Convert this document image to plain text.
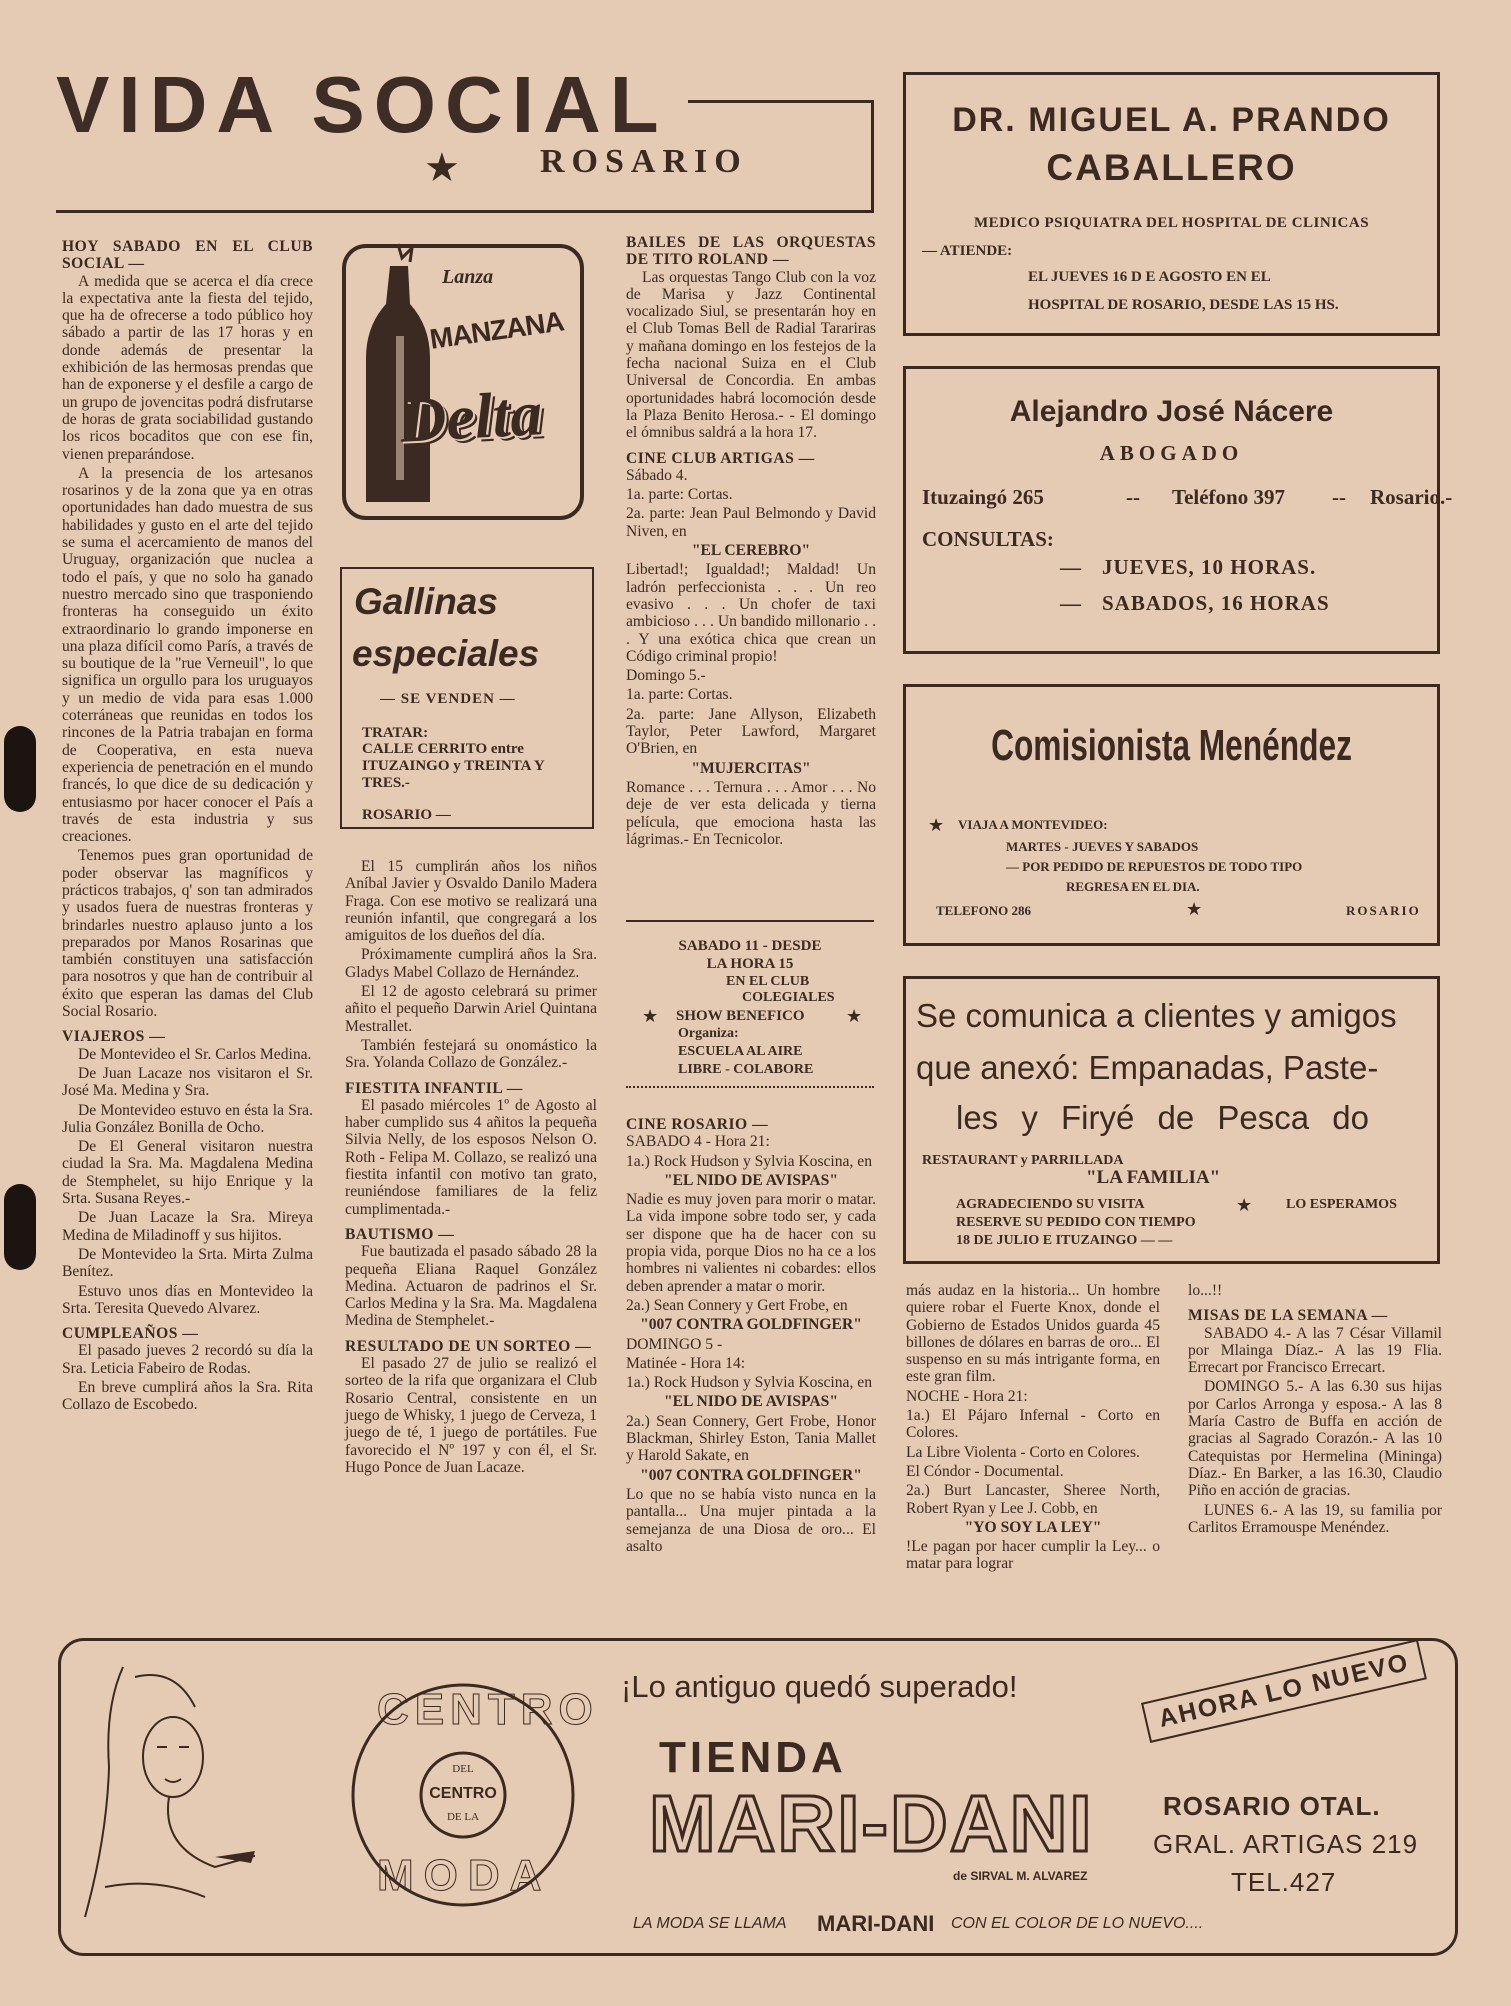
VIDA SOCIAL
★ ROSARIO
DR. MIGUEL A. PRANDO
CABALLERO
MEDICO PSIQUIATRA DEL HOSPITAL DE CLINICAS
— ATIENDE:
EL JUEVES 16 D E AGOSTO EN EL
HOSPITAL DE ROSARIO, DESDE LAS 15 HS.
Alejandro José Nácere
ABOGADO
Ituzaingó 265	-- Teléfono 397 -- Rosario.-
CONSULTAS:
— JUEVES, 10 HORAS.
— SABADOS, 16 HORAS
Comisionista Menéndez
★ VIAJA A MONTEVIDEO:
MARTES - JUEVES Y SABADOS
— POR PEDIDO DE REPUESTOS DE TODO TIPO
REGRESA EN EL DIA.
TELEFONO 286	★	ROSARIO
Se comunica a clientes y amigos
que anexó: Empanadas, Paste-
les y Firyé de Pesca do
RESTAURANT y PARRILLADA
"LA FAMILIA"
AGRADECIENDO SU VISITA	★ LO ESPERAMOS
RESERVE SU PEDIDO CON TIEMPO
18 DE JULIO E ITUZAINGO — —
Lanza
MANZANA
Delta
Gallinas
especiales
— SE VENDEN —
TRATAR:
CALLE CERRITO entre ITUZAINGO y TREINTA Y TRES.-
ROSARIO —
SABADO 11 - DESDE
LA HORA 15
EN EL CLUB
COLEGIALES
★ SHOW BENEFICO ★
Organiza:
ESCUELA AL AIRE
LIBRE - COLABORE
HOY SABADO EN EL CLUB SOCIAL —

A medida que se acerca el día crece la expectativa ante la fiesta del tejido, que ha de ofrecerse a todo público hoy sábado a partir de las 17 horas y en donde además de presentar la exhibición de las hermosas prendas que han de exponerse y el desfile a cargo de un grupo de jovencitas podrá disfrutarse de horas de grata sociabilidad gustando los ricos bocaditos que con ese fin, vienen preparándose.

A la presencia de los artesanos rosarinos y de la zona que ya en otras oportunidades han dado muestra de sus habilidades y gusto en el arte del tejido se suma el acercamiento de manos del Uruguay, organización que nuclea a todo el país, y que no solo ha ganado nuestro mercado sino que trasponiendo fronteras ha conseguido un éxito extraordinario lo grando imponerse en una plaza difícil como París, a través de su boutique de la "rue Verneuil", lo que significa un orgullo para los uruguayos y un medio de vida para esas 1.000 coterráneas que reunidas en todos los rincones de la Patria trabajan en forma de Cooperativa, en esta nueva experiencia de penetración en el mundo francés, lo que dice de su dedicación y entusiasmo por hacer conocer el País a través de esta industria y sus creaciones.

Tenemos pues gran oportunidad de poder observar las magníficos y prácticos trabajos, q' son tan admirados y usados fuera de nuestras fronteras y brindarles nuestro aplauso junto a los preparados por Manos Rosarinas que también constituyen una satisfacción para nosotros y que han de contribuir al éxito que esperan las damas del Club Social Rosario.

VIAJEROS —

De Montevideo el Sr. Carlos Medina.

De Juan Lacaze nos visitaron el Sr. José Ma. Medina y Sra.

De Montevideo estuvo en ésta la Sra. Julia González Bonilla de Ocho.

De El General visitaron nuestra ciudad la Sra. Ma. Magdalena Medina de Stemphelet, su hijo Enrique y la Srta. Susana Reyes.-

De Juan Lacaze la Sra. Mireya Medina de Miladinoff y sus hijitos.

De Montevideo la Srta. Mirta Zulma Benítez.

Estuvo unos días en Montevideo la Srta. Teresita Quevedo Alvarez.

CUMPLEAÑOS —

El pasado jueves 2 recordó su día la Sra. Leticia Fabeiro de Rodas.

En breve cumplirá años la Sra. Rita Collazo de Escobedo.

El 15 cumplirán años los niños Aníbal Javier y Osvaldo Danilo Madera Fraga. Con ese motivo se realizará una reunión infantil, que congregará a los amiguitos de los dueños del día.

Próximamente cumplirá años la Sra. Gladys Mabel Collazo de Hernández.

El 12 de agosto celebrará su primer añito el pequeño Darwin Ariel Quintana Mestrallet.

También festejará su onomástico la Sra. Yolanda Collazo de González.-

FIESTITA INFANTIL —

El pasado miércoles 1º de Agosto al haber cumplido sus 4 añitos la pequeña Silvia Nelly, de los esposos Nelson O. Roth - Felipa M. Collazo, se realizó una fiestita infantil con motivo tan grato, reuniéndose familiares de la feliz cumplimentada.-

BAUTISMO —

Fue bautizada el pasado sábado 28 la pequeña Eliana Raquel González Medina. Actuaron de padrinos el Sr. Carlos Medina y la Sra. Ma. Magdalena Medina de Stemphelet.-

RESULTADO DE UN SORTEO —

El pasado 27 de julio se realizó el sorteo de la rifa que organizara el Club Rosario Central, consistente en un juego de Whisky, 1 juego de Cerveza, 1 juego de té, 1 juego de portátiles. Fue favorecido el Nº 197 y con él, el Sr. Hugo Ponce de Juan Lacaze.

BAILES DE LAS ORQUESTAS DE TITO ROLAND —

Las orquestas Tango Club con la voz de Marisa y Jazz Continental vocalizado Siul, se presentarán hoy en el Club Tomas Bell de Radial Tarariras y mañana domingo en los festejos de la fecha nacional Suiza en el Club Universal de Concordia. En ambas oportunidades habrá locomoción desde la Plaza Benito Herosa.- - El domingo el ómnibus saldrá a la hora 17.

CINE CLUB ARTIGAS —

Sábado 4.

1a. parte: Cortas.

2a. parte: Jean Paul Belmondo y David Niven, en

"EL CEREBRO"

Libertad!; Igualdad!; Maldad! Un ladrón perfeccionista . . . Un reo evasivo . . . Un chofer de taxi ambicioso . . . Un bandido millonario . . . Y una exótica chica que crean un Código criminal propio!

Domingo 5.-

1a. parte: Cortas.

2a. parte: Jane Allyson, Elizabeth Taylor, Peter Lawford, Margaret O'Brien, en

"MUJERCITAS"

Romance . . . Ternura . . . Amor . . . No deje de ver esta delicada y tierna película, que emociona hasta las lágrimas.- En Tecnicolor.

CINE ROSARIO —

SABADO 4 - Hora 21:

1a.) Rock Hudson y Sylvia Koscina, en

"EL NIDO DE AVISPAS"

Nadie es muy joven para morir o matar. La vida impone sobre todo ser, y cada ser dispone que ha de hacer con su propia vida, porque Dios no ha ce a los hombres ni valientes ni cobardes: ellos deben aprender a matar o morir.

2a.) Sean Connery y Gert Frobe, en

"007 CONTRA GOLDFINGER"

DOMINGO 5 -

Matinée - Hora 14:

1a.) Rock Hudson y Sylvia Koscina, en

"EL NIDO DE AVISPAS"

2a.) Sean Connery, Gert Frobe, Honor Blackman, Shirley Eston, Tania Mallet y Harold Sakate, en

"007 CONTRA GOLDFINGER"

Lo que no se había visto nunca en la pantalla... Una mujer pintada a la semejanza de una Diosa de oro... El asalto

más audaz en la historia... Un hombre quiere robar el Fuerte Knox, donde el Gobierno de Estados Unidos guarda 45 billones de dólares en barras de oro... El suspenso en su más intrigante forma, en este gran film.

NOCHE - Hora 21:

1a.) El Pájaro Infernal - Corto en Colores.

La Libre Violenta - Corto en Colores.

El Cóndor - Documental.

2a.) Burt Lancaster, Sheree North, Robert Ryan y Lee J. Cobb, en

"YO SOY LA LEY"

!Le pagan por hacer cumplir la Ley... o matar para lograr

lo...!!

MISAS DE LA SEMANA —

SABADO 4.- A las 7 César Villamil por Mlainga Díaz.- A las 19 Flia. Errecart por Francisco Errecart.

DOMINGO 5.- A las 6.30 sus hijas por Carlos Arronga y esposa.- A las 8 María Castro de Buffa en acción de gracias al Sagrado Corazón.- A las 10 Catequistas por Hermelina (Mininga) Díaz.- En Barker, a las 16.30, Claudio Piño en acción de gracias.

LUNES 6.- A las 19, su familia por Carlitos Erramouspe Menéndez.

CENTRO
MODA
DEL
CENTRO
DE LA
¡Lo antiguo quedó superado!
TIENDA
MARI-DANI
de SIRVAL M. ALVAREZ
AHORA LO NUEVO
ROSARIO OTAL.
GRAL. ARTIGAS 219
TEL.427
LA MODA SE LLAMA MARI-DANI CON EL COLOR DE LO NUEVO....
